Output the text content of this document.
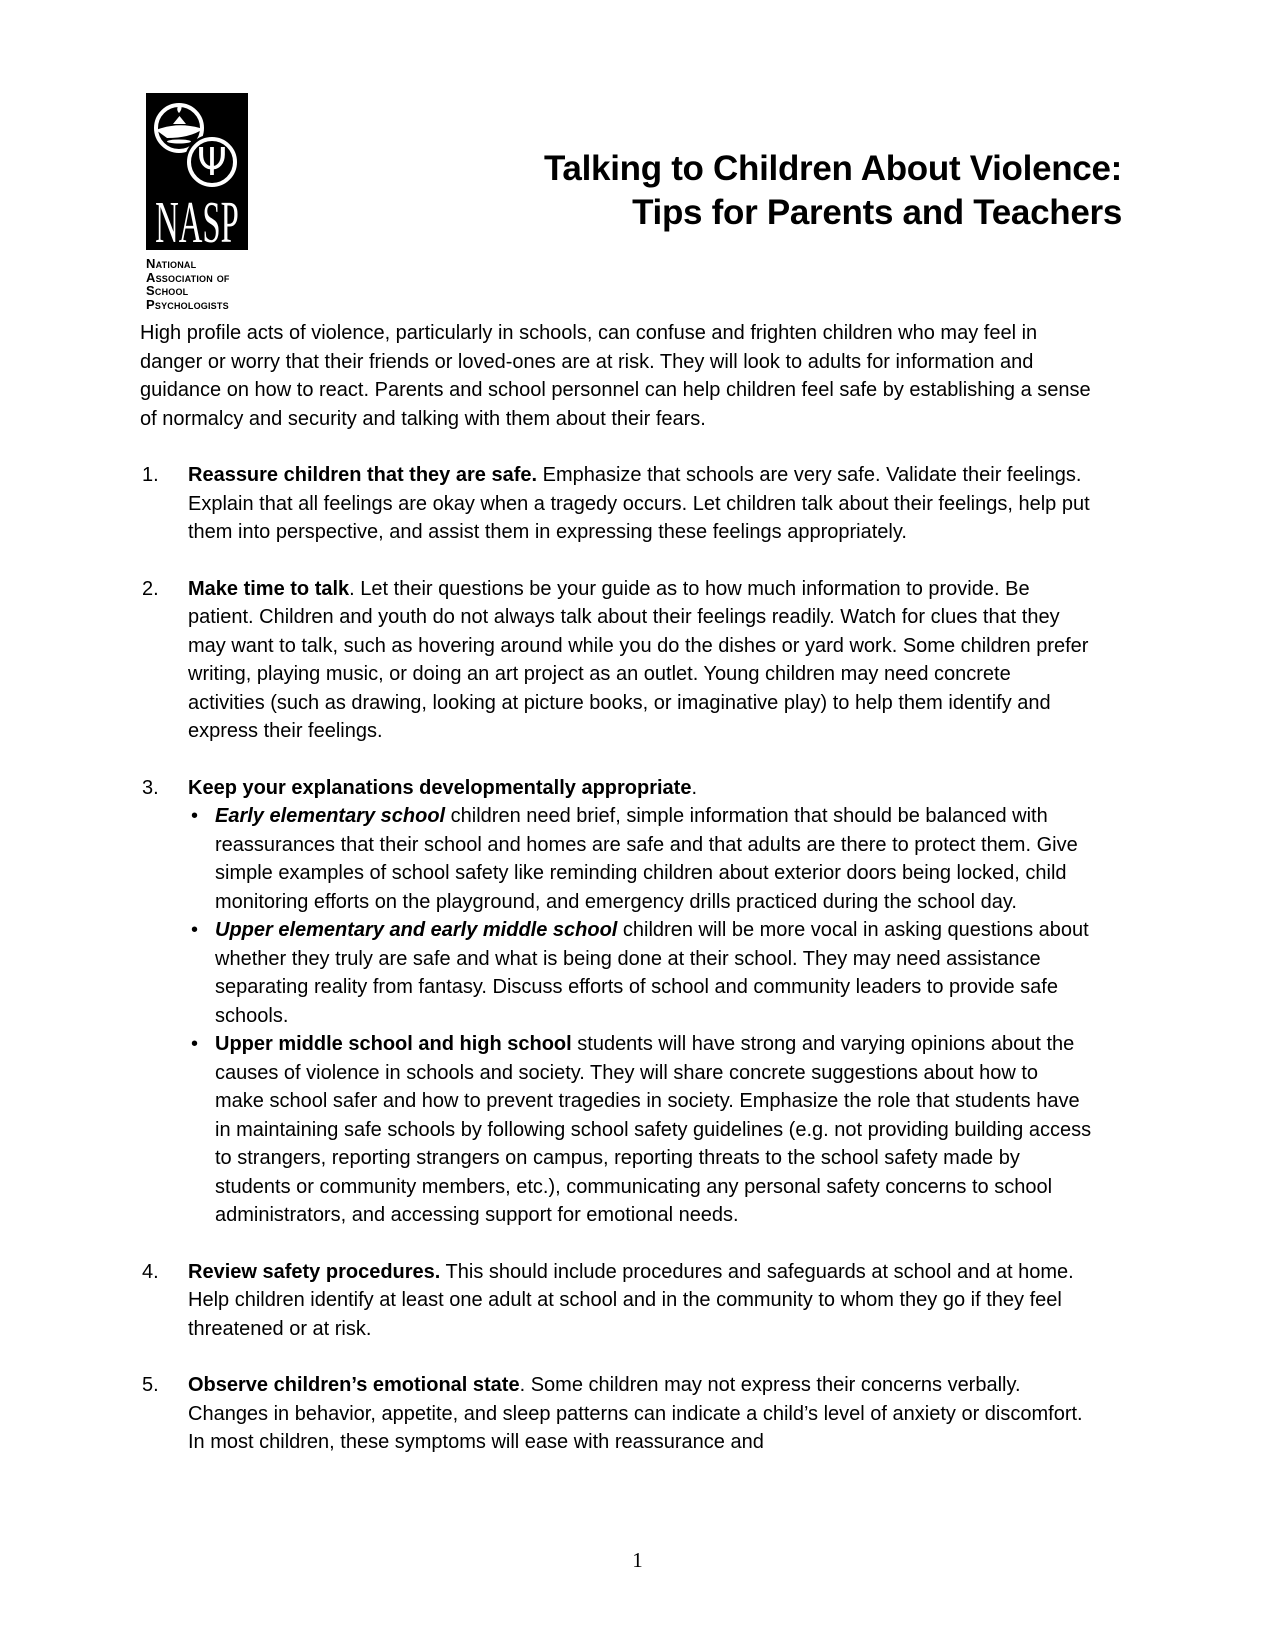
Ψ
NASP
National
Association of
School
Psychologists
Talking to Children About Violence:
Tips for Parents and Teachers

High profile acts of violence, particularly in schools, can confuse and frighten children who may feel in danger or worry that their friends or loved-ones are at risk. They will look to adults for information and guidance on how to react. Parents and school personnel can help children feel safe by establishing a sense of normalcy and security and talking with them about their fears.

1. Reassure children that they are safe. Emphasize that schools are very safe. Validate their feelings. Explain that all feelings are okay when a tragedy occurs. Let children talk about their feelings, help put them into perspective, and assist them in expressing these feelings appropriately.

2. Make time to talk. Let their questions be your guide as to how much information to provide. Be patient. Children and youth do not always talk about their feelings readily. Watch for clues that they may want to talk, such as hovering around while you do the dishes or yard work. Some children prefer writing, playing music, or doing an art project as an outlet. Young children may need concrete activities (such as drawing, looking at picture books, or imaginative play) to help them identify and express their feelings.

3. Keep your explanations developmentally appropriate.

• Early elementary school children need brief, simple information that should be balanced with reassurances that their school and homes are safe and that adults are there to protect them. Give simple examples of school safety like reminding children about exterior doors being locked, child monitoring efforts on the playground, and emergency drills practiced during the school day.
• Upper elementary and early middle school children will be more vocal in asking questions about whether they truly are safe and what is being done at their school. They may need assistance separating reality from fantasy. Discuss efforts of school and community leaders to provide safe schools.
• Upper middle school and high school students will have strong and varying opinions about the causes of violence in schools and society. They will share concrete suggestions about how to make school safer and how to prevent tragedies in society. Emphasize the role that students have in maintaining safe schools by following school safety guidelines (e.g. not providing building access to strangers, reporting strangers on campus, reporting threats to the school safety made by students or community members, etc.), communicating any personal safety concerns to school administrators, and accessing support for emotional needs.
4. Review safety procedures. This should include procedures and safeguards at school and at home. Help children identify at least one adult at school and in the community to whom they go if they feel threatened or at risk.

5. Observe children’s emotional state. Some children may not express their concerns verbally. Changes in behavior, appetite, and sleep patterns can indicate a child’s level of anxiety or discomfort. In most children, these symptoms will ease with reassurance and

1
